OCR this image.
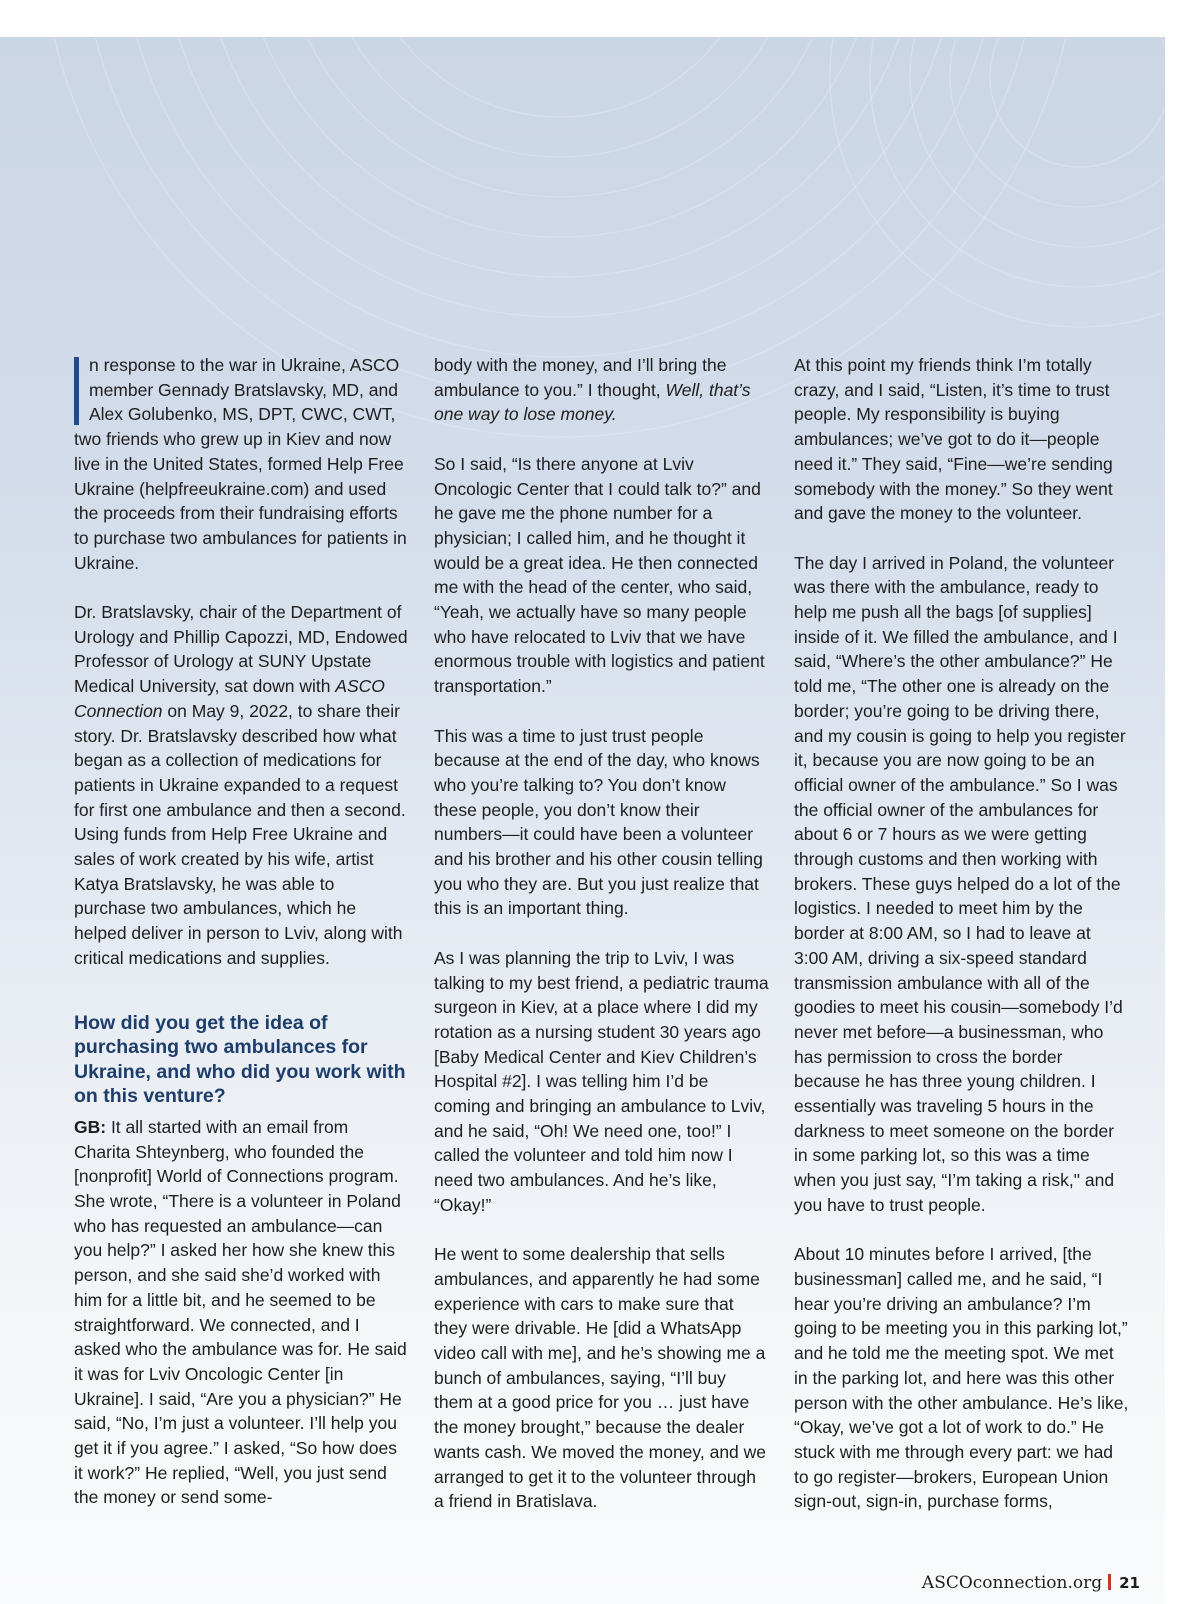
n response to the war in Ukraine, ASCO member Gennady Bratslavsky, MD, and Alex Golubenko, MS, DPT, CWC, CWT, two friends who grew up in Kiev and now live in the United States, formed Help Free Ukraine (helpfreeukraine.com) and used the proceeds from their fundraising efforts to purchase two ambulances for patients in Ukraine.

Dr. Bratslavsky, chair of the Department of Urology and Phillip Capozzi, MD, Endowed Professor of Urology at SUNY Upstate Medical University, sat down with ASCO Connection on May 9, 2022, to share their story. Dr. Bratslavsky described how what began as a collection of medications for patients in Ukraine expanded to a request for first one ambulance and then a second. Using funds from Help Free Ukraine and sales of work created by his wife, artist Katya Bratslavsky, he was able to purchase two ambulances, which he helped deliver in person to Lviv, along with critical medications and supplies.

How did you get the idea of purchasing two ambulances for Ukraine, and who did you work with on this venture?

GB: It all started with an email from Charita Shteynberg, who founded the [nonprofit] World of Connections program. She wrote, “There is a volunteer in Poland who has requested an ambulance—can you help?” I asked her how she knew this person, and she said she’d worked with him for a little bit, and he seemed to be straightforward. We connected, and I asked who the ambulance was for. He said it was for Lviv Oncologic Center [in Ukraine]. I said, “Are you a physician?” He said, “No, I’m just a volunteer. I’ll help you get it if you agree.” I asked, “So how does it work?” He replied, “Well, you just send the money or send some-

body with the money, and I’ll bring the ambulance to you.” I thought, Well, that’s one way to lose money.

So I said, “Is there anyone at Lviv Oncologic Center that I could talk to?” and he gave me the phone number for a physician; I called him, and he thought it would be a great idea. He then connected me with the head of the center, who said, “Yeah, we actually have so many people who have relocated to Lviv that we have enormous trouble with logistics and patient transportation.”

This was a time to just trust people because at the end of the day, who knows who you’re talking to? You don’t know these people, you don’t know their numbers—it could have been a volunteer and his brother and his other cousin telling you who they are. But you just realize that this is an important thing.

As I was planning the trip to Lviv, I was talking to my best friend, a pediatric trauma surgeon in Kiev, at a place where I did my rotation as a nursing student 30 years ago [Baby Medical Center and Kiev Children’s Hospital #2]. I was telling him I’d be coming and bringing an ambulance to Lviv, and he said, “Oh! We need one, too!” I called the volunteer and told him now I need two ambulances. And he’s like, “Okay!”

He went to some dealership that sells ambulances, and apparently he had some experience with cars to make sure that they were drivable. He [did a WhatsApp video call with me], and he’s showing me a bunch of ambulances, saying, “I’ll buy them at a good price for you … just have the money brought,” because the dealer wants cash. We moved the money, and we arranged to get it to the volunteer through a friend in Bratislava.

At this point my friends think I’m totally crazy, and I said, “Listen, it’s time to trust people. My responsibility is buying ambulances; we’ve got to do it—people need it.” They said, “Fine—we’re sending somebody with the money.” So they went and gave the money to the volunteer.

The day I arrived in Poland, the volunteer was there with the ambulance, ready to help me push all the bags [of supplies] inside of it. We filled the ambulance, and I said, “Where’s the other ambulance?” He told me, “The other one is already on the border; you’re going to be driving there, and my cousin is going to help you register it, because you are now going to be an official owner of the ambulance.” So I was the official owner of the ambulances for about 6 or 7 hours as we were getting through customs and then working with brokers. These guys helped do a lot of the logistics. I needed to meet him by the border at 8:00 AM, so I had to leave at 3:00 AM, driving a six-speed standard transmission ambulance with all of the goodies to meet his cousin—somebody I’d never met before—a businessman, who has permission to cross the border because he has three young children. I essentially was traveling 5 hours in the darkness to meet someone on the border in some parking lot, so this was a time when you just say, “I’m taking a risk," and you have to trust people.

About 10 minutes before I arrived, [the businessman] called me, and he said, “I hear you’re driving an ambulance? I’m going to be meeting you in this parking lot,” and he told me the meeting spot. We met in the parking lot, and here was this other person with the other ambulance. He’s like, “Okay, we’ve got a lot of work to do.” He stuck with me through every part: we had to go register—brokers, European Union sign-out, sign-in, purchase forms,

ASCOconnection.org 21
